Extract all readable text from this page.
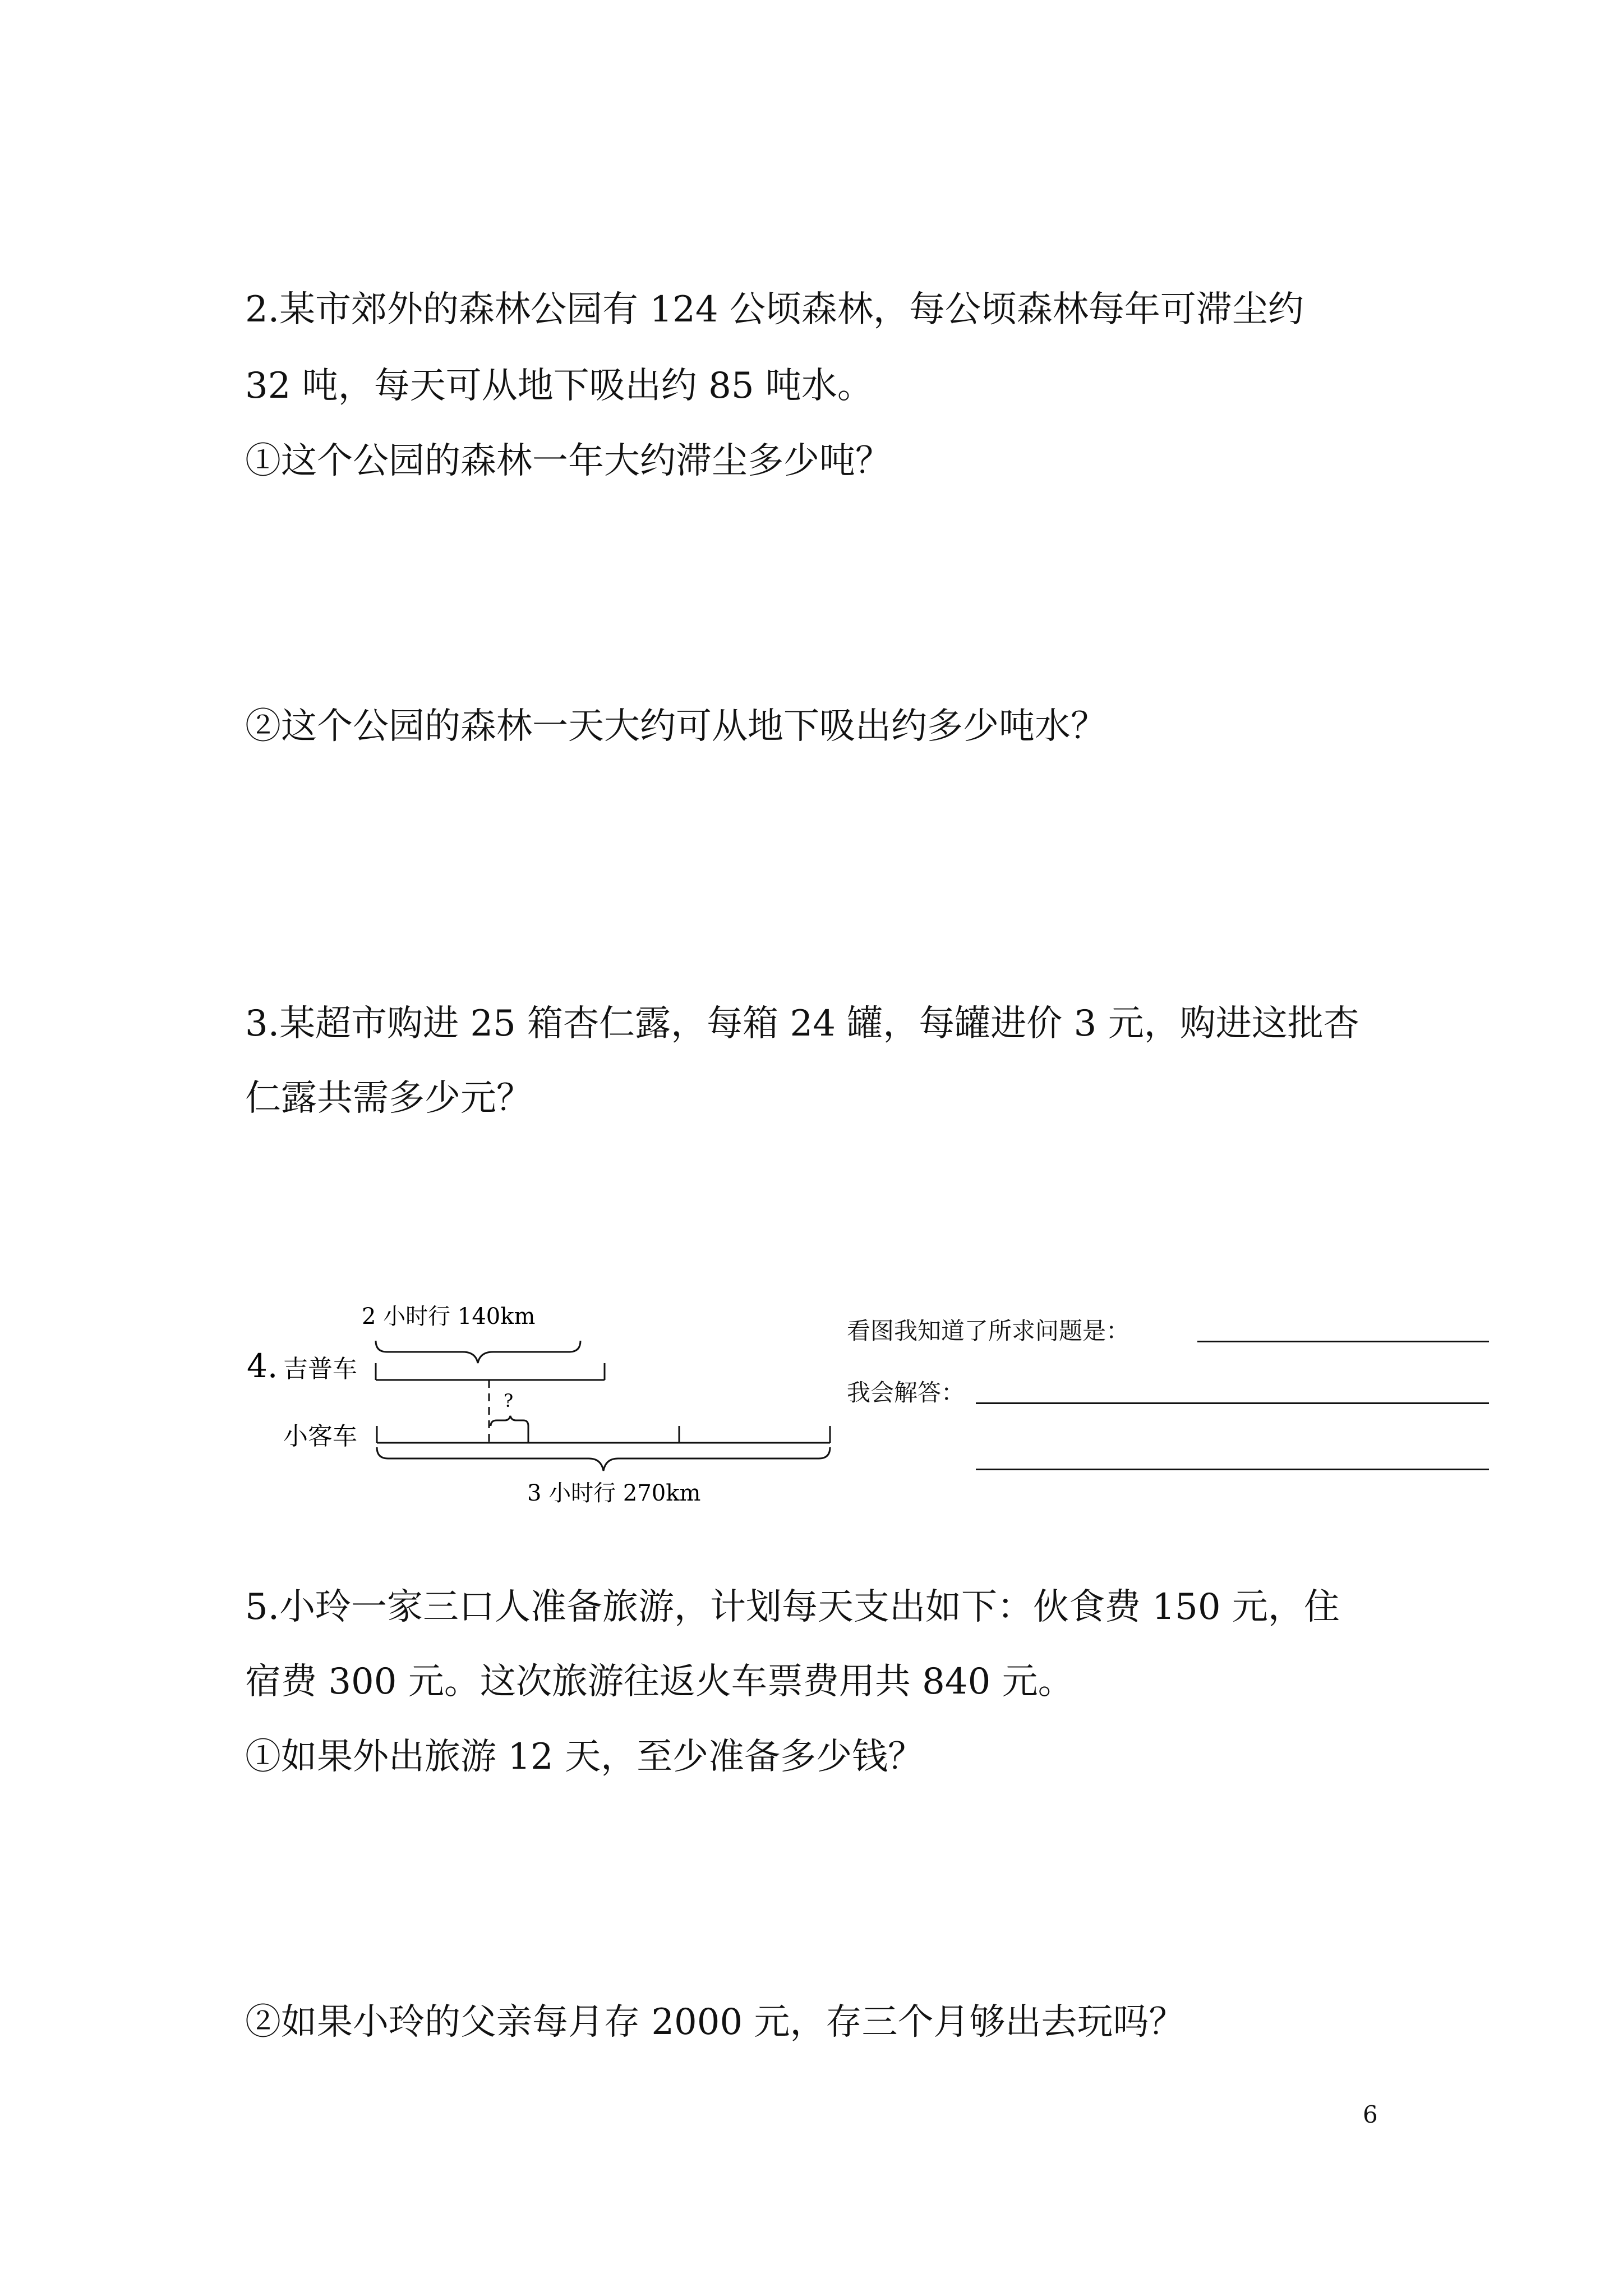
2.某市郊外的森林公园有 124 公顷森林，每公顷森林每年可滞尘约
32 吨，每天可从地下吸出约 85 吨水。
①这个公园的森林一年大约滞尘多少吨？
②这个公园的森林一天大约可从地下吸出约多少吨水？
3.某超市购进 25 箱杏仁露，每箱 24 罐，每罐进价 3 元，购进这批杏
仁露共需多少元？
2 小时行 140km
4. 吉普车
?
小客车
3 小时行 270km
看图我知道了所求问题是：
我会解答：
5.小玲一家三口人准备旅游，计划每天支出如下：伙食费 150 元，住
宿费 300 元。这次旅游往返火车票费用共 840 元。
①如果外出旅游 12 天，至少准备多少钱？
②如果小玲的父亲每月存 2000 元，存三个月够出去玩吗？
6
